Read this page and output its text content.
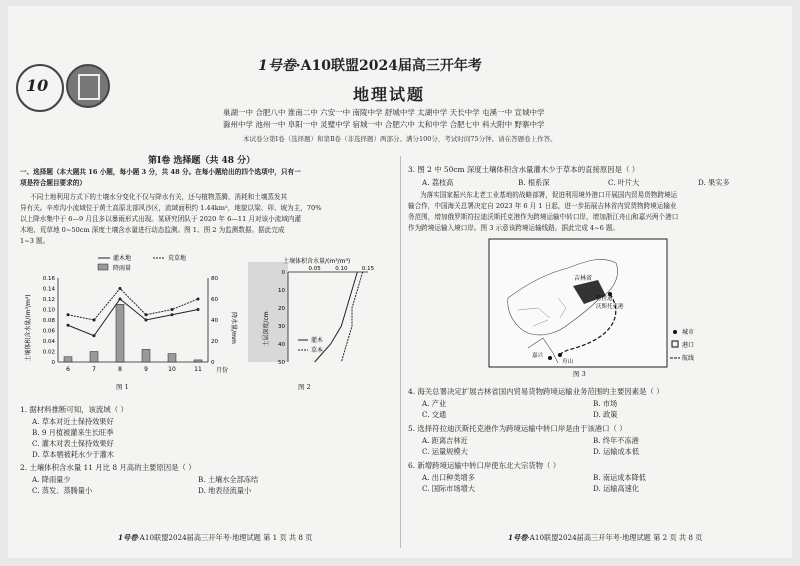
10
1号卷·A10联盟2024届高三开年考
地理试题
巢湖一中 合肥八中 淮南二中 六安一中 南陵中学 舒城中学 太湖中学 天长中学 屯溪一中 宣城中学
滁州中学 池州一中 阜阳一中 灵璧中学 宿城一中 合肥六中 太和中学 合肥七中 科大附中 野寨中学
本试卷分第Ⅰ卷（选择题）和第Ⅱ卷（非选择题）两部分。满分100分，考试时间75分钟。请在答题卷上作答。
第Ⅰ卷 选择题（共 48 分）
一、选择题（本大题共 16 小题，每小题 3 分，共 48 分。在每小题给出的四个选项中，只有一
项是符合题目要求的）
不同土地利用方式下的土壤水分变化不仅与降水有关，还与植物蒸腾、消耗和土壤蒸发其
异有关。辛库沟小流域位于黄土高原北部风沙区，流域面积约 1.44km²，地貌以梁、卯、坡为主，70%
以上降水集中于 6—9 月且多以暴雨形式出现。某研究团队于 2020 年 6—11 月对该小流域内灌
木地、荒草地 0~50cm 深度土壤含水量进行动态监测。图 1、图 2 为监测数据。据此完成
1~3 题。
土壤体积含水量/(m³/m³)	降水量/mm
0.16
0.14
0.12
0.10
0.08
0.06
0.04
0.02
0
80
60
40
20
0
6	7	8	9	10	11
灌木地
降雨量
荒草地
月份
图 1
土壤体积含水量/(m³/m³)
0.05	0.10	0.15
0
10
20
30
40
50
土层深度/cm	灌木
草本
图 2
1. 据材料推断可知，该流域（ ）
A. 草本对近土保持效果好
B. 9 月植被灌来生长旺季
C. 灌木对表土保持效果好
D. 草本牺被耗水少于灌木
2. 土壤体积含水量 11 月比 8 月高的主要原因是（ ）
A. 降雨量少	B. 土壤水全部冻结
C. 蒸发、蒸腾量小	D. 地表径流量小
3. 图 2 中 50cm 深度土壤体积含水量灌木少于草本的直接原因是（ ）
A. 荔枝高	B. 根系深	C. 叶片大	D. 果实多
为落实国家振兴东北老工业基地的战略部署，促进利用境外港口开展国内贸易货物跨境运
输合作，中国海关总署决定自 2023 年 6 月 1 日起，进一步拓展吉林省内贸货物跨境运输业
务范围，增加俄罗斯符拉迪沃斯托克港作为跨境运输中转口岸，增加浙江舟山和嘉兴两个港口
作为跨境运输入境口岸。图 3 示意该跨境运输线路。据此完成 4~6 题。
吉林省
符拉迪
沃斯托克港
嘉兴
舟山
城市
港口
航线
图 3
4. 海关总署决定扩展吉林省国内贸易货物跨境运输业务范围的主要因素是（ ）
A. 产业	B. 市场
C. 交通	D. 政策
5. 选择符拉迪沃斯托克港作为跨境运输中转口岸是由于该港口（ ）
A. 距离吉林近	B. 终年不冻港
C. 运量规模大	D. 运输成本低
6. 新增跨境运输中转口岸使东北大宗货物（ ）
A. 出口种类增多	B. 南运成本降低
C. 国际市场增大	D. 运输高速化
1号卷·A10联盟2024届高三开年考·地理试题 第 1 页 共 8 页	1号卷·A10联盟2024届高三开年考·地理试题 第 2 页 共 8 页
